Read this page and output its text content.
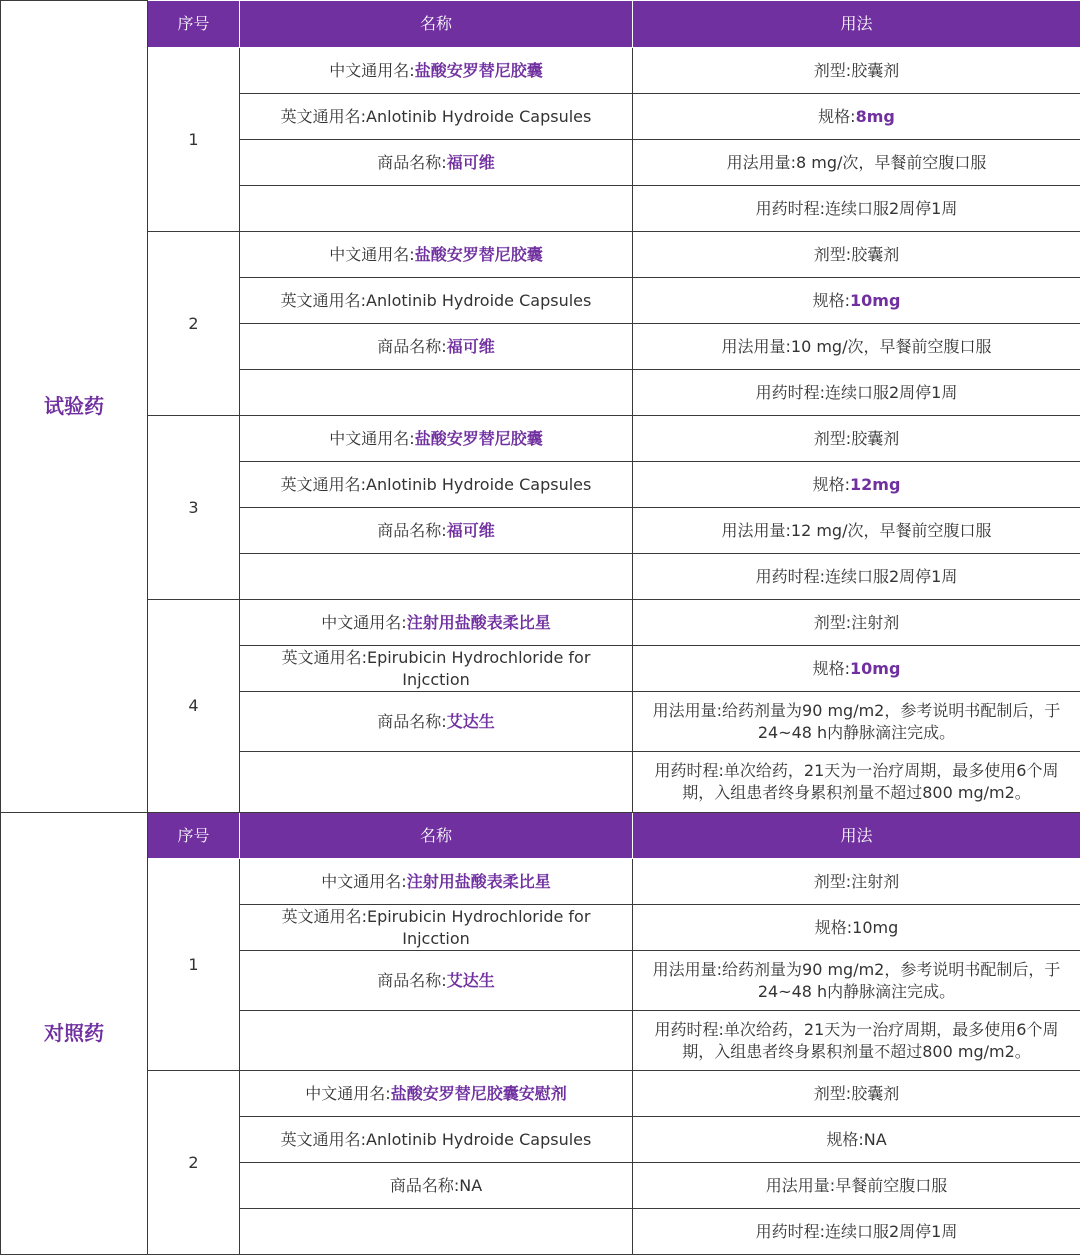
试验药	序号	名称	用法
	1	中文通用名:盐酸安罗替尼胶囊	剂型:胶囊剂
		英文通用名:Anlotinib Hydroide Capsules	规格:8mg
		商品名称:福可维	用法用量:8 mg/次，早餐前空腹口服
			用药时程:连续口服2周停1周
	2	中文通用名:盐酸安罗替尼胶囊	剂型:胶囊剂
		英文通用名:Anlotinib Hydroide Capsules	规格:10mg
		商品名称:福可维	用法用量:10 mg/次，早餐前空腹口服
			用药时程:连续口服2周停1周
	3	中文通用名:盐酸安罗替尼胶囊	剂型:胶囊剂
		英文通用名:Anlotinib Hydroide Capsules	规格:12mg
		商品名称:福可维	用法用量:12 mg/次，早餐前空腹口服
			用药时程:连续口服2周停1周
	4	中文通用名:注射用盐酸表柔比星	剂型:注射剂
		英文通用名:Epirubicin Hydrochloride for Injcction	规格:10mg
		商品名称:艾达生	用法用量:给药剂量为90 mg/m2，参考说明书配制后，于24~48 h内静脉滴注完成。
			用药时程:单次给药，21天为一治疗周期，最多使用6个周期，入组患者终身累积剂量不超过800 mg/m2。
对照药	序号	名称	用法
	1	中文通用名:注射用盐酸表柔比星	剂型:注射剂
		英文通用名:Epirubicin Hydrochloride for Injcction	规格:10mg
		商品名称:艾达生	用法用量:给药剂量为90 mg/m2，参考说明书配制后，于24~48 h内静脉滴注完成。
			用药时程:单次给药，21天为一治疗周期，最多使用6个周期，入组患者终身累积剂量不超过800 mg/m2。
	2	中文通用名:盐酸安罗替尼胶囊安慰剂	剂型:胶囊剂
		英文通用名:Anlotinib Hydroide Capsules	规格:NA
		商品名称:NA	用法用量:早餐前空腹口服
			用药时程:连续口服2周停1周
